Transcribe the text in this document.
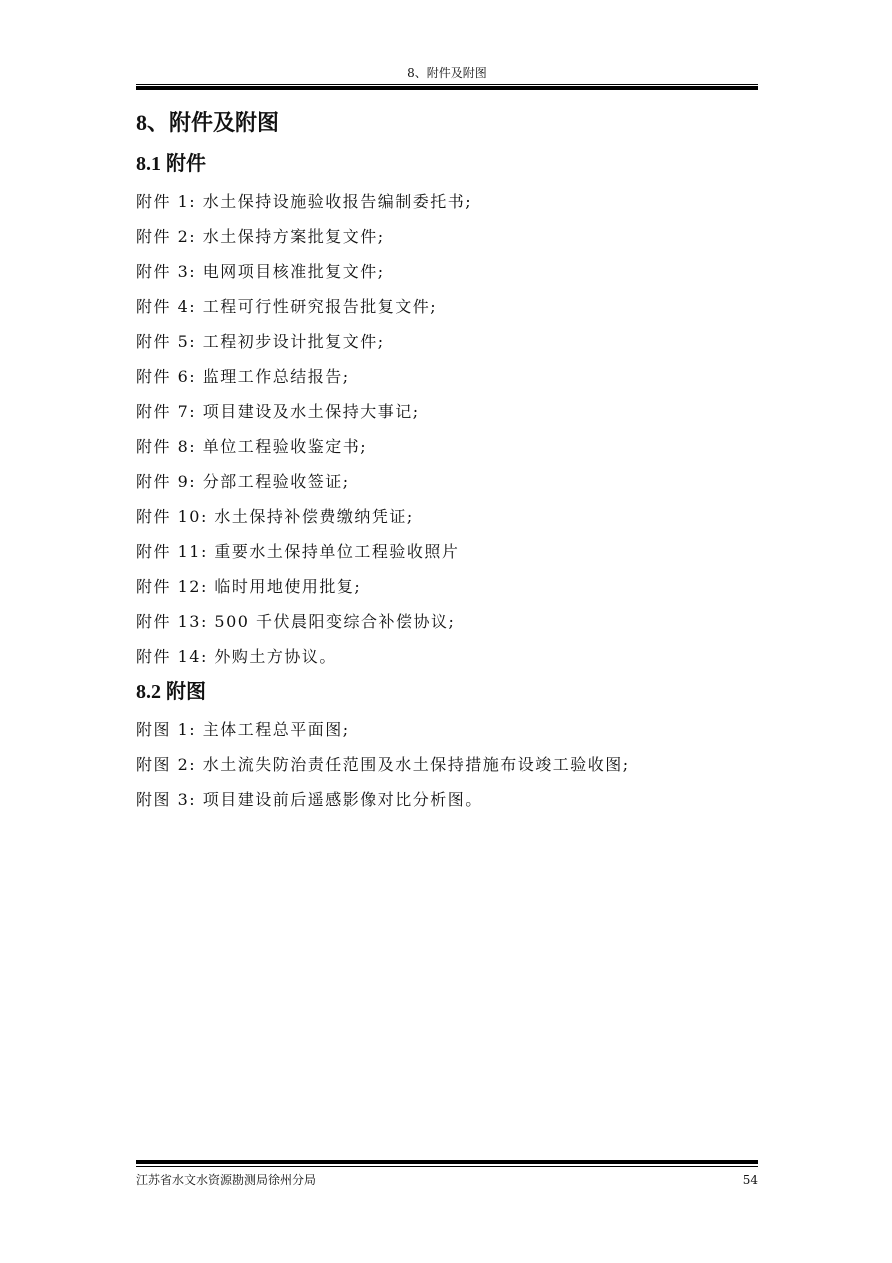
8、附件及附图
8、附件及附图
8.1 附件
附件 1: 水土保持设施验收报告编制委托书;
附件 2: 水土保持方案批复文件;
附件 3: 电网项目核准批复文件;
附件 4: 工程可行性研究报告批复文件;
附件 5: 工程初步设计批复文件;
附件 6: 监理工作总结报告;
附件 7: 项目建设及水土保持大事记;
附件 8: 单位工程验收鉴定书;
附件 9: 分部工程验收签证;
附件 10: 水土保持补偿费缴纳凭证;
附件 11: 重要水土保持单位工程验收照片
附件 12: 临时用地使用批复;
附件 13: 500 千伏晨阳变综合补偿协议;
附件 14: 外购土方协议。
8.2 附图
附图 1: 主体工程总平面图;
附图 2: 水土流失防治责任范围及水土保持措施布设竣工验收图;
附图 3: 项目建设前后遥感影像对比分析图。
江苏省水文水资源勘测局徐州分局	54
